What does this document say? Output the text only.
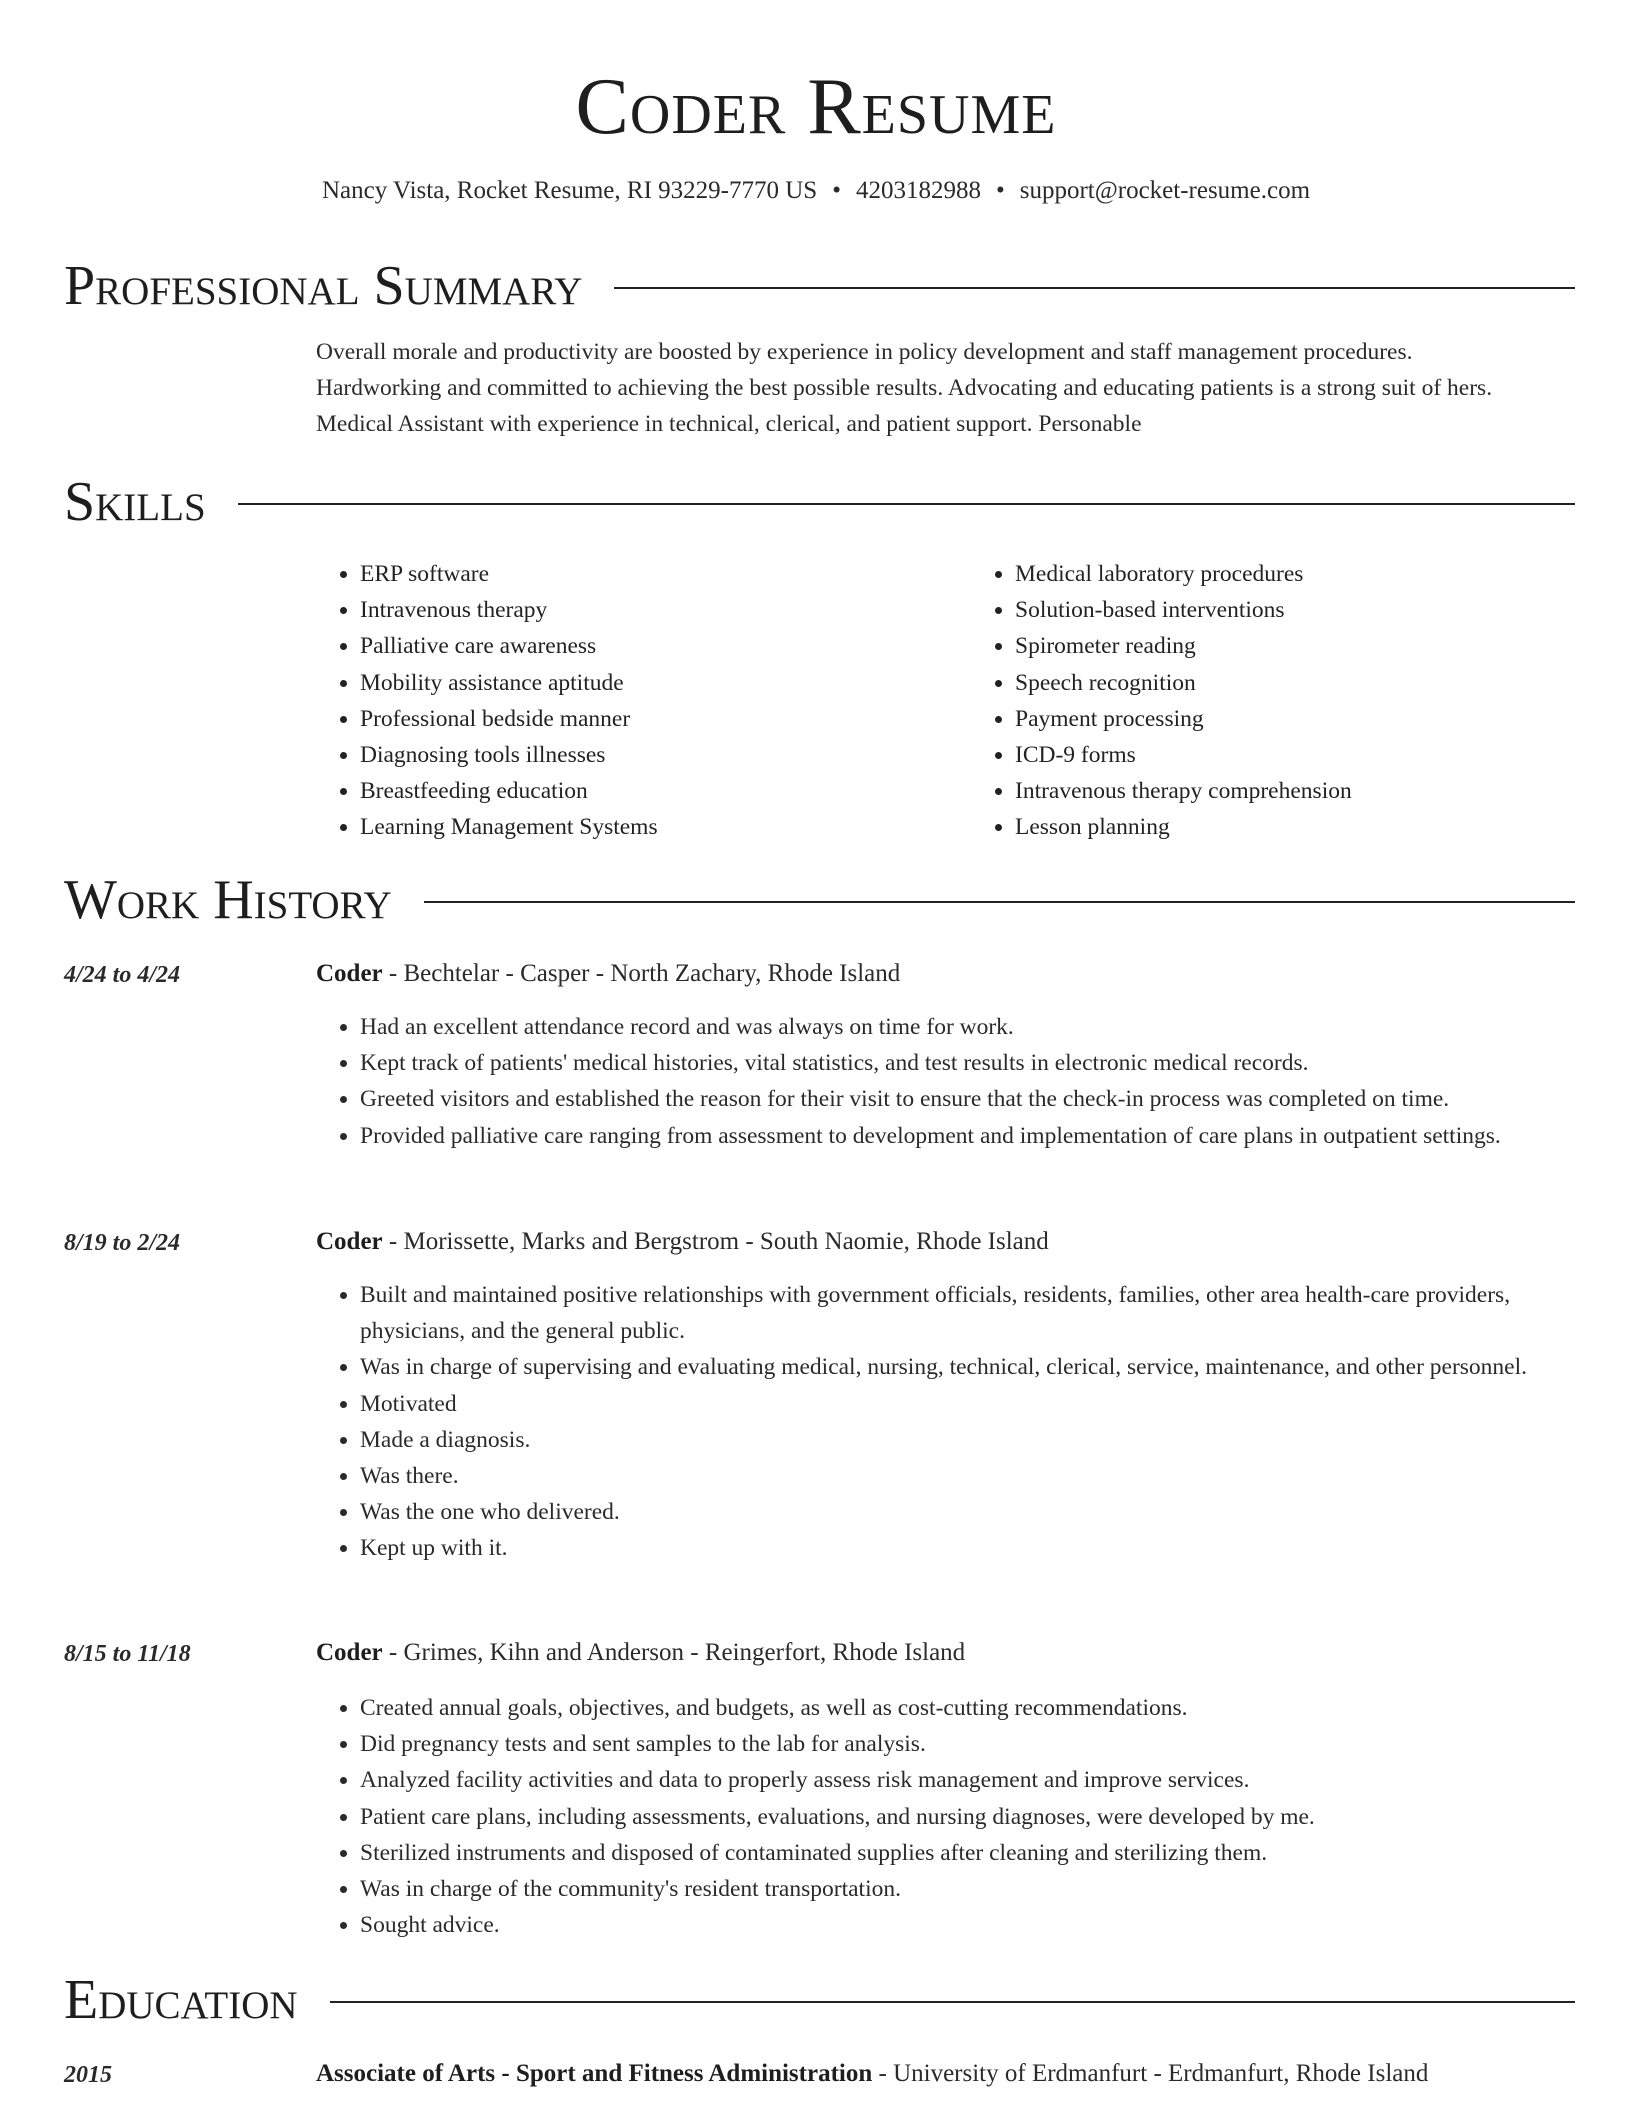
Coder Resume
Nancy Vista, Rocket Resume, RI 93229-7770 US • 4203182988 • support@rocket-resume.com
Professional Summary
Overall morale and productivity are boosted by experience in policy development and staff management procedures.
Hardworking and committed to achieving the best possible results. Advocating and educating patients is a strong suit of hers.
Medical Assistant with experience in technical, clerical, and patient support. Personable
Skills
• ERP software
• Intravenous therapy
• Palliative care awareness
• Mobility assistance aptitude
• Professional bedside manner
• Diagnosing tools illnesses
• Breastfeeding education
• Learning Management Systems
• Medical laboratory procedures
• Solution-based interventions
• Spirometer reading
• Speech recognition
• Payment processing
• ICD-9 forms
• Intravenous therapy comprehension
• Lesson planning
Work History
4/24 to 4/24	Coder - Bechtelar - Casper - North Zachary, Rhode Island
• Had an excellent attendance record and was always on time for work.
• Kept track of patients' medical histories, vital statistics, and test results in electronic medical records.
• Greeted visitors and established the reason for their visit to ensure that the check-in process was completed on time.
• Provided palliative care ranging from assessment to development and implementation of care plans in outpatient settings.
8/19 to 2/24	Coder - Morissette, Marks and Bergstrom - South Naomie, Rhode Island
• Built and maintained positive relationships with government officials, residents, families, other area health-care providers, physicians, and the general public.
• Was in charge of supervising and evaluating medical, nursing, technical, clerical, service, maintenance, and other personnel.
• Motivated
• Made a diagnosis.
• Was there.
• Was the one who delivered.
• Kept up with it.
8/15 to 11/18	Coder - Grimes, Kihn and Anderson - Reingerfort, Rhode Island
• Created annual goals, objectives, and budgets, as well as cost-cutting recommendations.
• Did pregnancy tests and sent samples to the lab for analysis.
• Analyzed facility activities and data to properly assess risk management and improve services.
• Patient care plans, including assessments, evaluations, and nursing diagnoses, were developed by me.
• Sterilized instruments and disposed of contaminated supplies after cleaning and sterilizing them.
• Was in charge of the community's resident transportation.
• Sought advice.
Education
2015	Associate of Arts - Sport and Fitness Administration - University of Erdmanfurt - Erdmanfurt, Rhode Island
